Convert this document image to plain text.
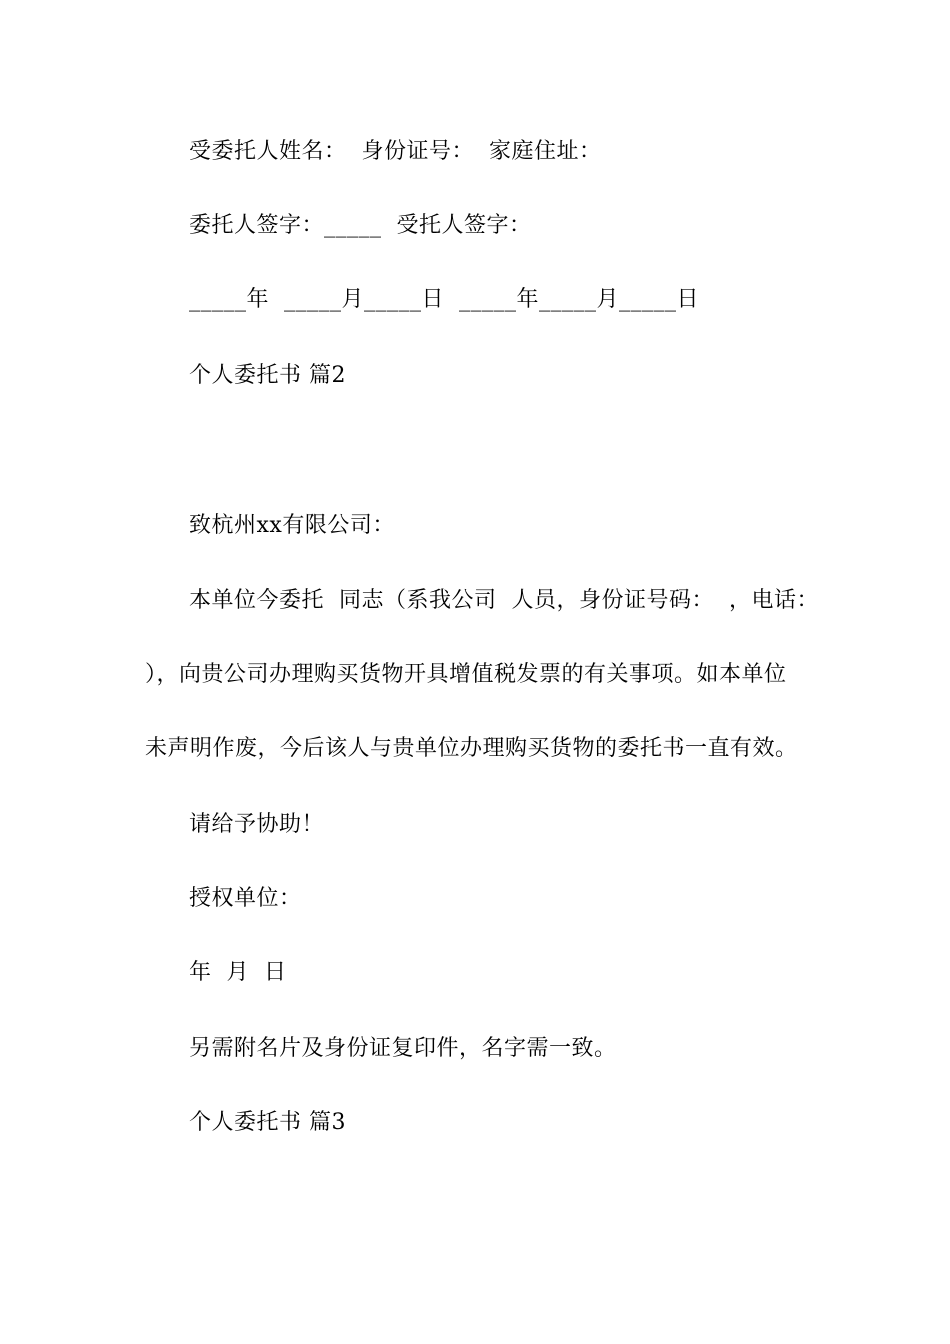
受委托人姓名：  身份证号：  家庭住址：
委托人签字：_____  受托人签字：
_____年  _____月_____日  _____年_____月_____日
个人委托书 篇2
致杭州xx有限公司：
本单位今委托  同志（系我公司  人员，身份证号码：  ，电话：
），向贵公司办理购买货物开具增值税发票的有关事项。如本单位
未声明作废，今后该人与贵单位办理购买货物的委托书一直有效。
请给予协助！
授权单位：
年  月  日
另需附名片及身份证复印件，名字需一致。
个人委托书 篇3
